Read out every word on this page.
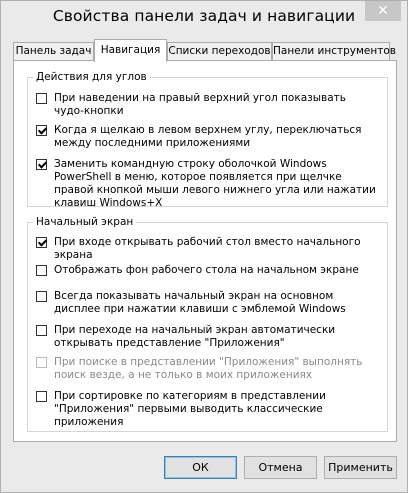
Свойства панели задач и навигации	✕
Панель задач Навигация Списки переходов Панели инструментов
Действия для углов
При наведении на правый верхний угол показывать чудо-кнопки
Когда я щелкаю в левом верхнем углу, переключаться между последними приложениями
Заменить командную строку оболочкой Windows PowerShell в меню, которое появляется при щелчке правой кнопкой мыши левого нижнего угла или нажатии клавиш Windows+X
Начальный экран
При входе открывать рабочий стол вместо начального экрана
Отображать фон рабочего стола на начальном экране
Всегда показывать начальный экран на основном дисплее при нажатии клавиши с эмблемой Windows
При переходе на начальный экран автоматически открывать представление "Приложения"
При поиске в представлении "Приложения" выполнять поиск везде, а не только в моих приложениях
При сортировке по категориям в представлении "Приложения" первыми выводить классические приложения
ОК	Отмена	Применить
